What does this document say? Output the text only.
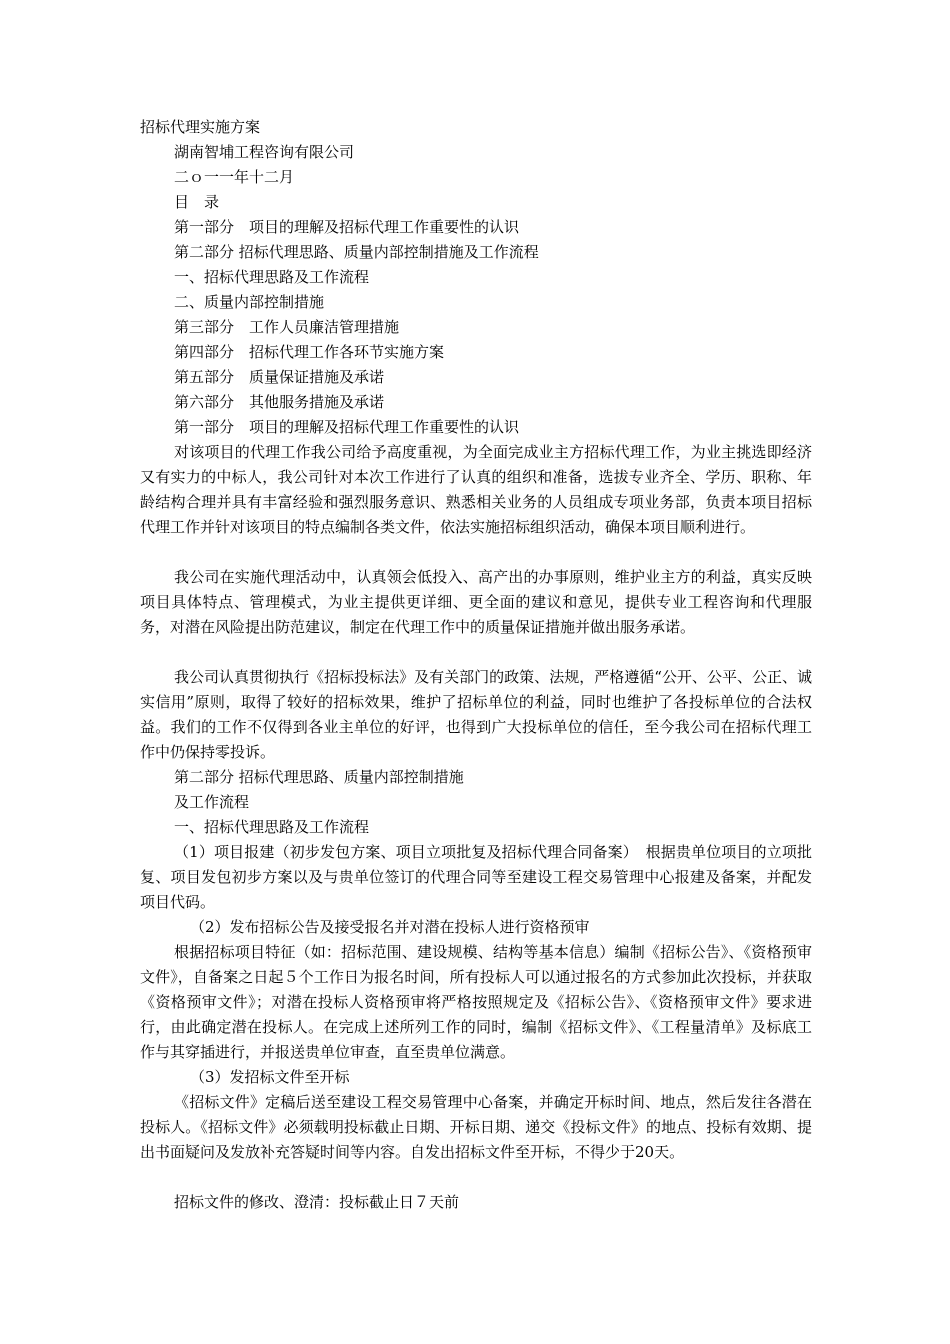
招标代理实施方案
湖南智埔工程咨询有限公司
二ｏ一一年十二月
目　录
第一部分　项目的理解及招标代理工作重要性的认识
第二部分 招标代理思路、质量内部控制措施及工作流程
一、招标代理思路及工作流程
二、质量内部控制措施
第三部分　工作人员廉洁管理措施
第四部分　招标代理工作各环节实施方案
第五部分　质量保证措施及承诺
第六部分　其他服务措施及承诺
第一部分　项目的理解及招标代理工作重要性的认识

对该项目的代理工作我公司给予高度重视，为全面完成业主方招标代理工作，为业主挑选即经济又有实力的中标人，我公司针对本次工作进行了认真的组织和准备，选拔专业齐全、学历、职称、年龄结构合理并具有丰富经验和强烈服务意识、熟悉相关业务的人员组成专项业务部，负责本项目招标代理工作并针对该项目的特点编制各类文件，依法实施招标组织活动，确保本项目顺利进行。

我公司在实施代理活动中，认真领会低投入、高产出的办事原则，维护业主方的利益，真实反映项目具体特点、管理模式，为业主提供更详细、更全面的建议和意见，提供专业工程咨询和代理服务，对潜在风险提出防范建议，制定在代理工作中的质量保证措施并做出服务承诺。

我公司认真贯彻执行《招标投标法》及有关部门的政策、法规，严格遵循“公开、公平、公正、诚实信用”原则，取得了较好的招标效果，维护了招标单位的利益，同时也维护了各投标单位的合法权益。我们的工作不仅得到各业主单位的好评，也得到广大投标单位的信任，至今我公司在招标代理工作中仍保持零投诉。

第二部分 招标代理思路、质量内部控制措施
及工作流程
一、招标代理思路及工作流程

（1）项目报建（初步发包方案、项目立项批复及招标代理合同备案）　根据贵单位项目的立项批复、项目发包初步方案以及与贵单位签订的代理合同等至建设工程交易管理中心报建及备案，并配发项目代码。

（2）发布招标公告及接受报名并对潜在投标人进行资格预审

根据招标项目特征（如：招标范围、建设规模、结构等基本信息）编制《招标公告》、《资格预审文件》，自备案之日起５个工作日为报名时间，所有投标人可以通过报名的方式参加此次投标，并获取《资格预审文件》；对潜在投标人资格预审将严格按照规定及《招标公告》、《资格预审文件》要求进行，由此确定潜在投标人。在完成上述所列工作的同时，编制《招标文件》、《工程量清单》及标底工作与其穿插进行，并报送贵单位审查，直至贵单位满意。

（3）发招标文件至开标

《招标文件》定稿后送至建设工程交易管理中心备案，并确定开标时间、地点，然后发往各潜在投标人。《招标文件》必须载明投标截止日期、开标日期、递交《投标文件》的地点、投标有效期、提出书面疑问及发放补充答疑时间等内容。自发出招标文件至开标，不得少于20天。

招标文件的修改、澄清：投标截止日７天前
